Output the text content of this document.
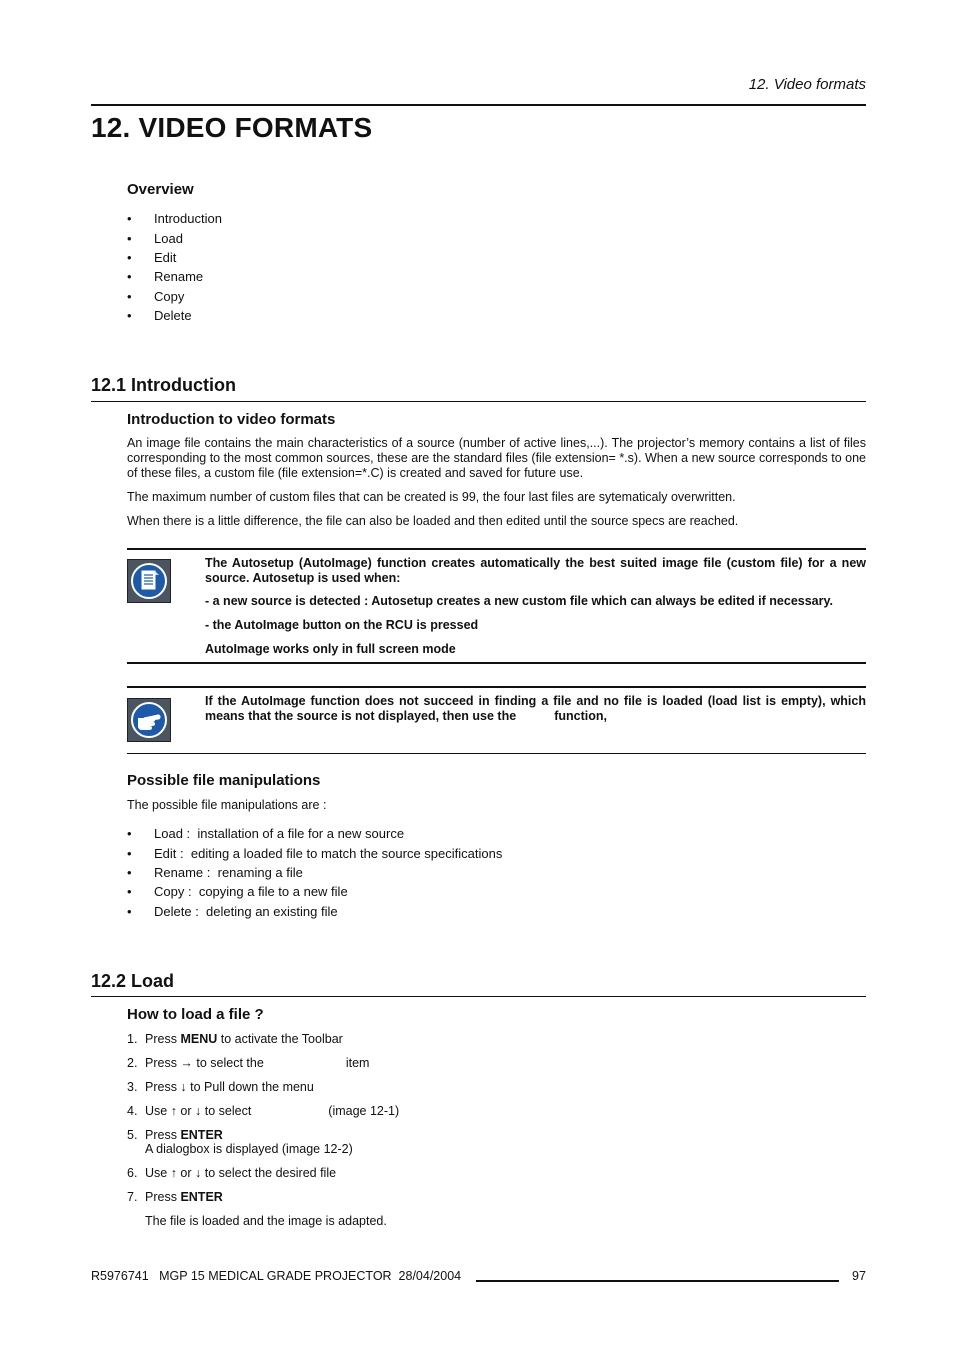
12. Video formats
12. VIDEO FORMATS
Overview
• Introduction
• Load
• Edit
• Rename
• Copy
• Delete
12.1 Introduction
Introduction to video formats
An image file contains the main characteristics of a source (number of active lines,...). The projector’s memory contains a list of files corresponding to the most common sources, these are the standard files (file extension= *.s). When a new source corresponds to one of these files, a custom file (file extension=*.C) is created and saved for future use.
The maximum number of custom files that can be created is 99, the four last files are sytematicaly overwritten.
When there is a little difference, the file can also be loaded and then edited until the source specs are reached.
The Autosetup (AutoImage) function creates automatically the best suited image file (custom file) for a new source. Autosetup is used when:
- a new source is detected : Autosetup creates a new custom file which can always be edited if necessary.
- the AutoImage button on the RCU is pressed
AutoImage works only in full screen mode
If the AutoImage function does not succeed in finding a file and no file is loaded (load list is empty), which means that the source is not displayed, then use the	function,
Possible file manipulations
The possible file manipulations are :
• Load : installation of a file for a new source
• Edit : editing a loaded file to match the source specifications
• Rename : renaming a file
• Copy : copying a file to a new file
• Delete : deleting an existing file
12.2 Load
How to load a file ?
1. Press MENU to activate the Toolbar
2. Press → to select the	item
3. Press ↓ to Pull down the menu
4. Use ↑ or ↓ to select	(image 12-1)
5. Press ENTER
A dialogbox is displayed (image 12-2)
6. Use ↑ or ↓ to select the desired file
7. Press ENTER
The file is loaded and the image is adapted.
R5976741 MGP 15 MEDICAL GRADE PROJECTOR 28/04/2004	97
